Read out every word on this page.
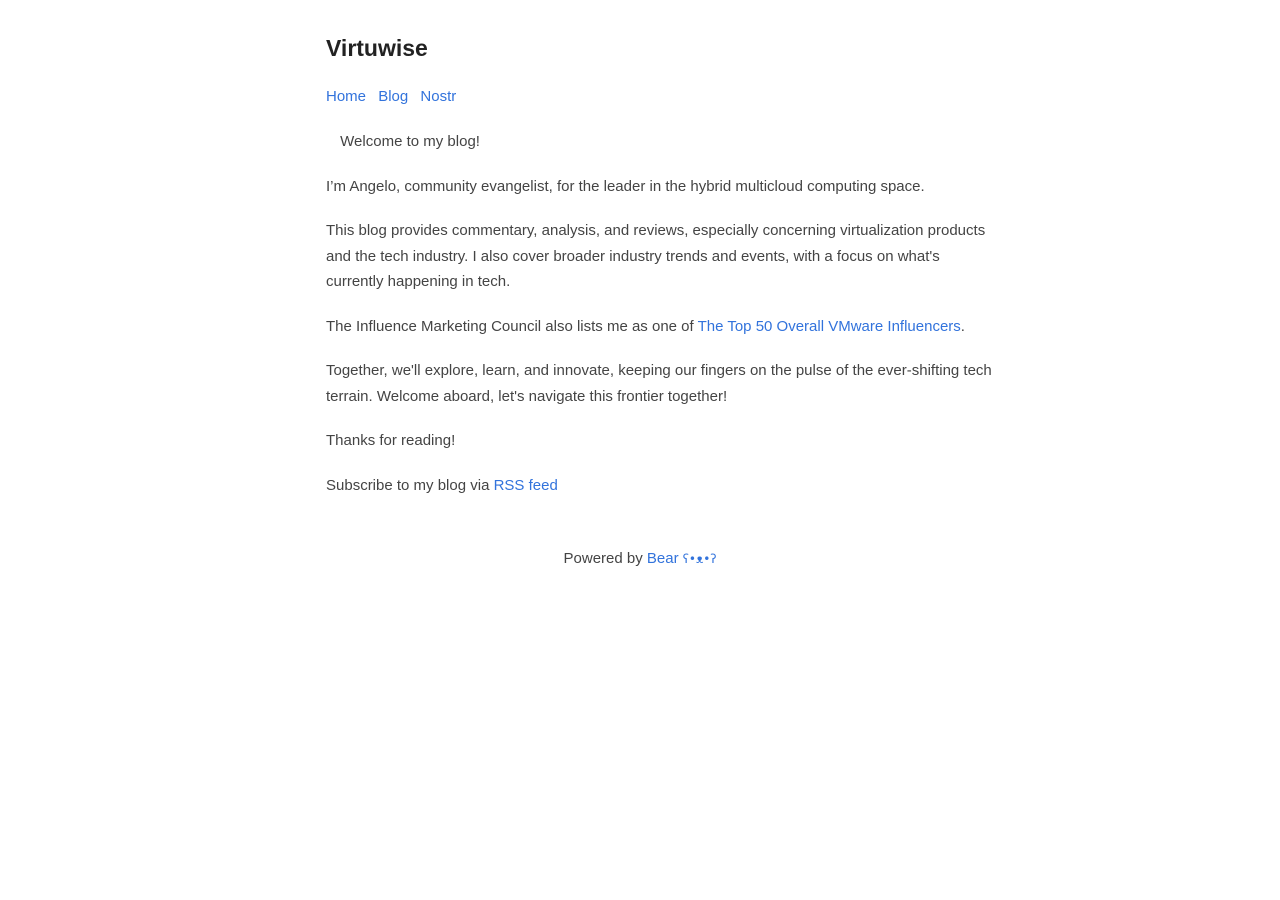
Virtuwise
Home Blog Nostr

Welcome to my blog!

I’m Angelo, community evangelist, for the leader in the hybrid multicloud computing space.

This blog provides commentary, analysis, and reviews, especially concerning virtualization products and the tech industry. I also cover broader industry trends and events, with a focus on what's currently happening in tech.

The Influence Marketing Council also lists me as one of The Top 50 Overall VMware Influencers.

Together, we'll explore, learn, and innovate, keeping our fingers on the pulse of the ever-shifting tech terrain. Welcome aboard, let's navigate this frontier together!

Thanks for reading!

Subscribe to my blog via RSS feed

Powered by Bear ʕ•ᴥ•ʔ
